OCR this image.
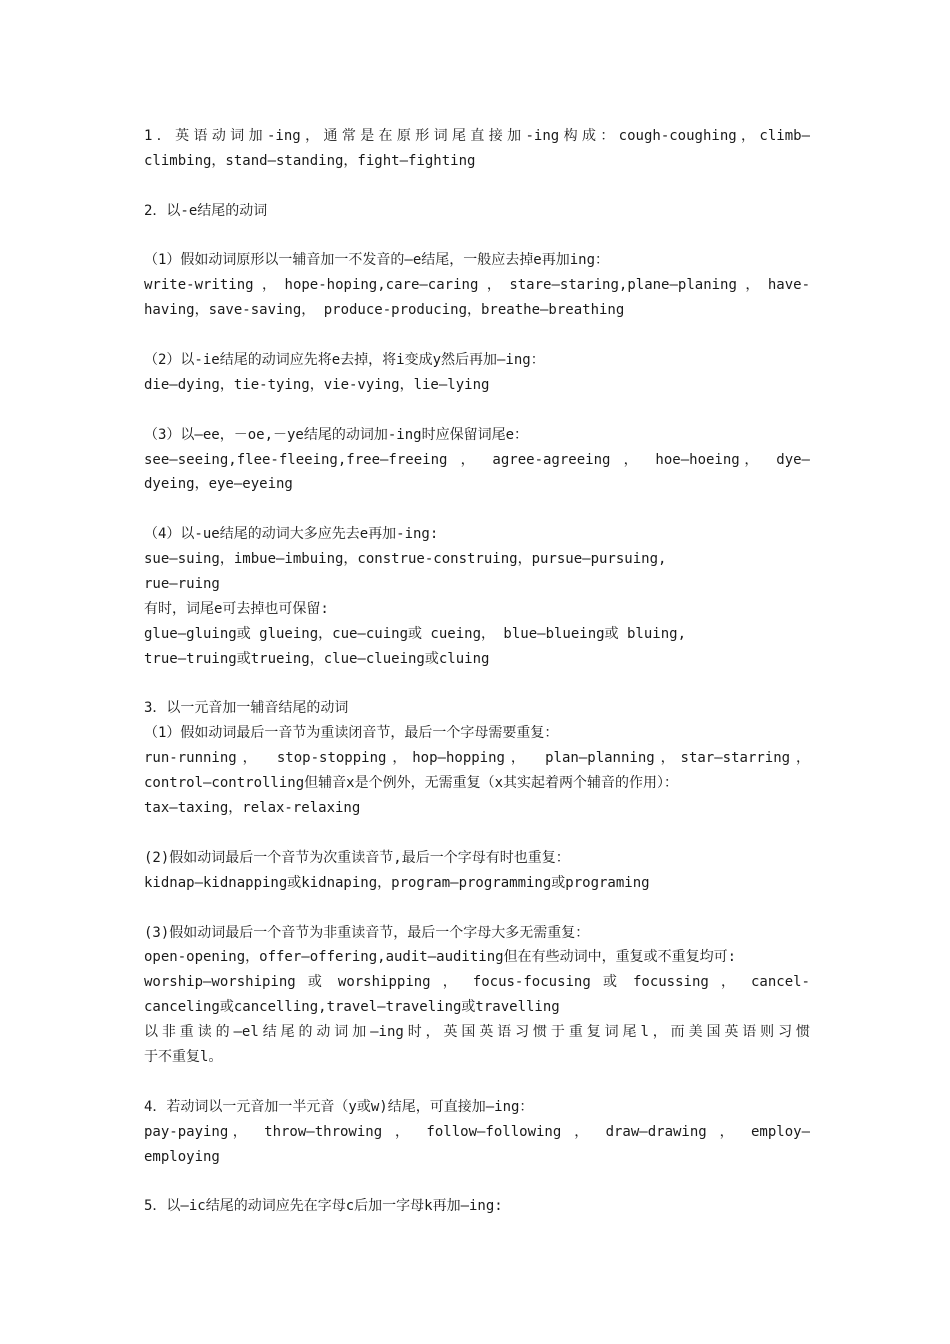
1．英语动词加-ing，通常是在原形词尾直接加-ing构成：cough-coughing，climb—
climbing，stand—standing，fight—fighting
2．以-e结尾的动词
（1）假如动词原形以一辅音加一不发音的—e结尾，一般应去掉e再加ing：
write-writing，hope-hoping,care—caring，stare—staring,plane—planing，have-
having，save-saving， produce-producing，breathe—breathing
（2）以-ie结尾的动词应先将e去掉，将i变成y然后再加—ing：
die—dying，tie-tying，vie-vying，lie—lying
（3）以—ee，－oe,－ye结尾的动词加-ing时应保留词尾e：
see—seeing,flee-fleeing,free—freeing ， agree-agreeing ， hoe—hoeing， dye—
dyeing，eye—eyeing
（4）以-ue结尾的动词大多应先去e再加-ing:
sue—suing，imbue—imbuing，construe-construing，pursue—pursuing,
rue—ruing
有时，词尾e可去掉也可保留:
glue—gluing或 glueing，cue—cuing或 cueing， blue—blueing或 bluing,
true—truing或trueing，clue—clueing或cluing
3．以一元音加一辅音结尾的动词
（1）假如动词最后一音节为重读闭音节，最后一个字母需要重复：
run-running， stop-stopping，hop—hopping， plan—planning，star—starring，
control—controlling但辅音x是个例外，无需重复（x其实起着两个辅音的作用）：
tax—taxing，relax-relaxing
(2)假如动词最后一个音节为次重读音节,最后一个字母有时也重复：
kidnap—kidnapping或kidnaping，program—programming或programing
(3)假如动词最后一个音节为非重读音节，最后一个字母大多无需重复：
open-opening，offer—offering,audit—auditing但在有些动词中，重复或不重复均可:
worship—worshiping 或 worshipping ， focus-focusing 或 focussing ， cancel-
canceling或cancelling,travel—traveling或travelling
以非重读的—el结尾的动词加—ing时，英国英语习惯于重复词尾l，而美国英语则习惯
于不重复l。
4．若动词以一元音加一半元音（y或w)结尾，可直接加—ing：
pay-paying， throw—throwing ， follow—following ， draw—drawing ， employ—
employing
5．以—ic结尾的动词应先在字母c后加一字母k再加—ing:
